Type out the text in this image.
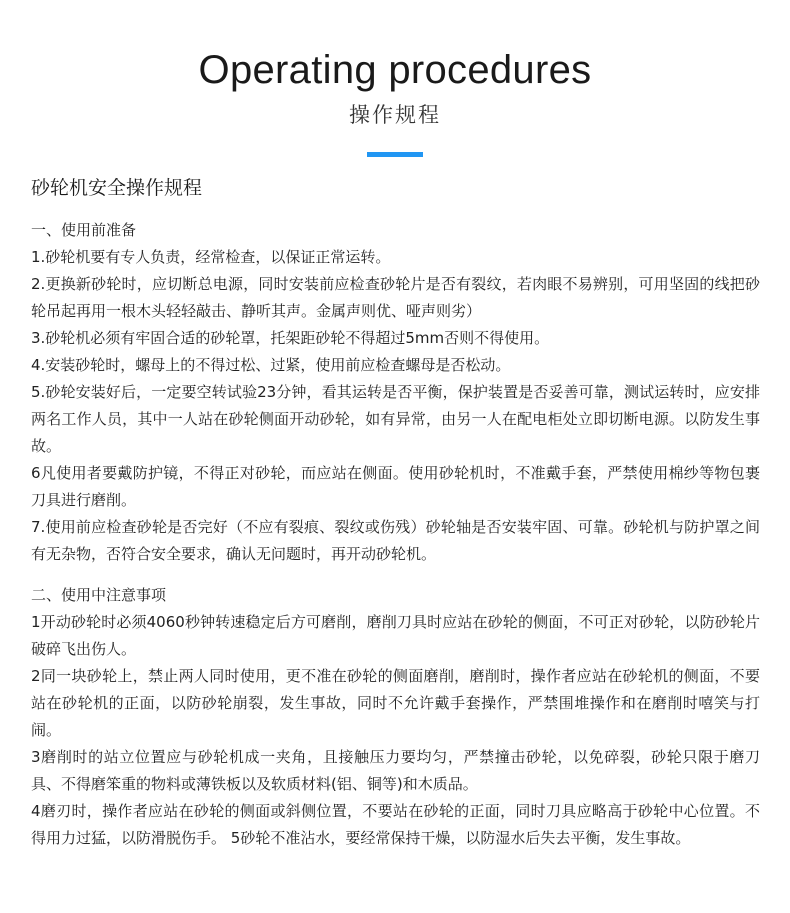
Operating procedures
操作规程
砂轮机安全操作规程

一、使用前准备

1.砂轮机要有专人负责，经常检查，以保证正常运转。

2.更换新砂轮时，应切断总电源，同时安装前应检查砂轮片是否有裂纹，若肉眼不易辨别，可用坚固的线把砂轮吊起再用一根木头轻轻敲击、静听其声。金属声则优、哑声则劣）

3.砂轮机必须有牢固合适的砂轮罩，托架距砂轮不得超过5mm否则不得使用。

4.安装砂轮时，螺母上的不得过松、过紧，使用前应检查螺母是否松动。

5.砂轮安装好后，一定要空转试验23分钟，看其运转是否平衡，保护装置是否妥善可靠，测试运转时，应安排两名工作人员，其中一人站在砂轮侧面开动砂轮，如有异常，由另一人在配电柜处立即切断电源。以防发生事故。

6凡使用者要戴防护镜，不得正对砂轮，而应站在侧面。使用砂轮机时，不准戴手套，严禁使用棉纱等物包裹刀具进行磨削。

7.使用前应检查砂轮是否完好（不应有裂痕、裂纹或伤残）砂轮轴是否安装牢固、可靠。砂轮机与防护罩之间有无杂物，否符合安全要求，确认无问题时，再开动砂轮机。

二、使用中注意事项

1开动砂轮时必须4060秒钟转速稳定后方可磨削，磨削刀具时应站在砂轮的侧面，不可正对砂轮，以防砂轮片破碎飞出伤人。

2同一块砂轮上，禁止两人同时使用，更不准在砂轮的侧面磨削，磨削时，操作者应站在砂轮机的侧面，不要站在砂轮机的正面，以防砂轮崩裂，发生事故，同时不允许戴手套操作，严禁围堆操作和在磨削时嘻笑与打闹。

3磨削时的站立位置应与砂轮机成一夹角，且接触压力要均匀，严禁撞击砂轮，以免碎裂，砂轮只限于磨刀具、不得磨笨重的物料或薄铁板以及软质材料(铝、铜等)和木质品。

4磨刃时，操作者应站在砂轮的侧面或斜侧位置，不要站在砂轮的正面，同时刀具应略高于砂轮中心位置。不得用力过猛，以防滑脱伤手。 5砂轮不准沾水，要经常保持干燥，以防湿水后失去平衡，发生事故。
